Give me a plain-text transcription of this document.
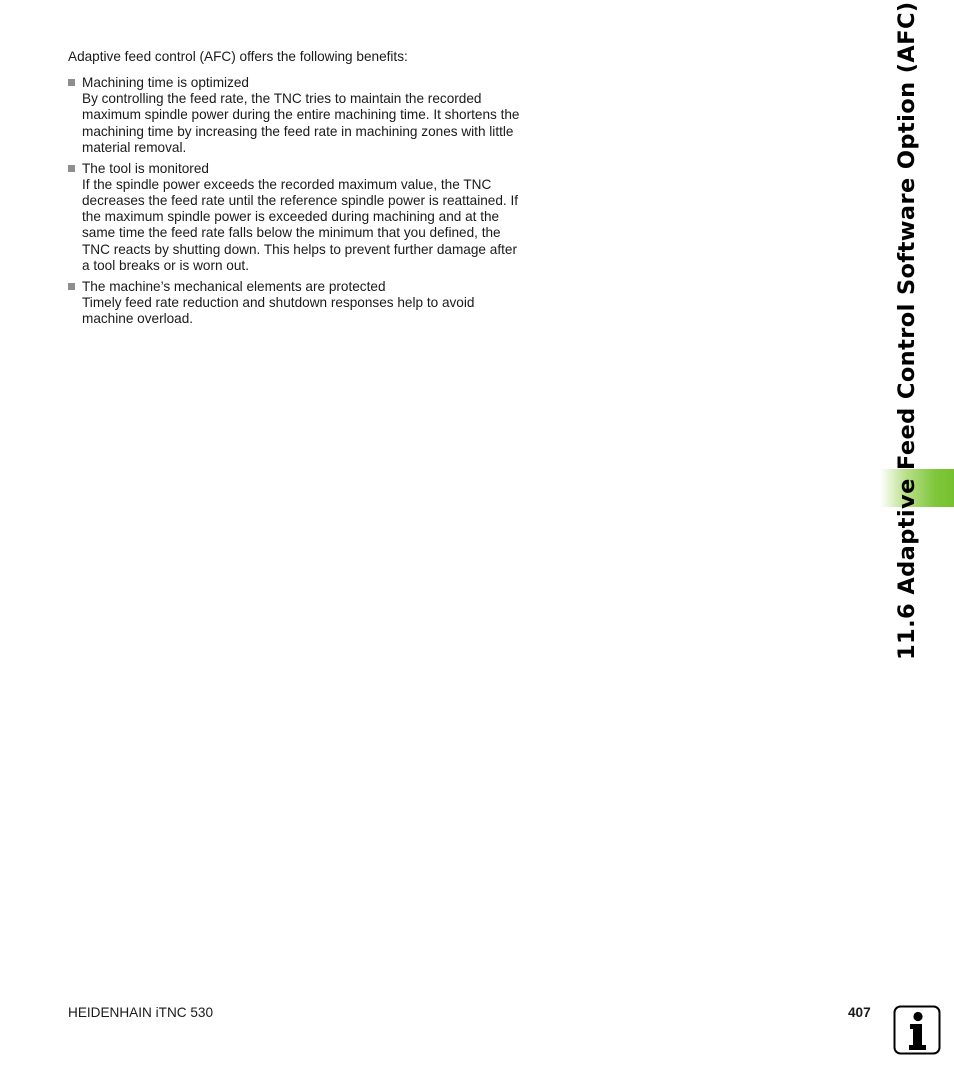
Adaptive feed control (AFC) offers the following benefits:

Machining time is optimized
By controlling the feed rate, the TNC tries to maintain the recorded maximum spindle power during the entire machining time. It shortens the machining time by increasing the feed rate in machining zones with little material removal.
The tool is monitored
If the spindle power exceeds the recorded maximum value, the TNC decreases the feed rate until the reference spindle power is reattained. If the maximum spindle power is exceeded during machining and at the same time the feed rate falls below the minimum that you defined, the TNC reacts by shutting down. This helps to prevent further damage after a tool breaks or is worn out.
The machine’s mechanical elements are protected
Timely feed rate reduction and shutdown responses help to avoid machine overload.	11.6 Adaptive Feed Control Software Option (AFC)

HEIDENHAIN iTNC 530	407
